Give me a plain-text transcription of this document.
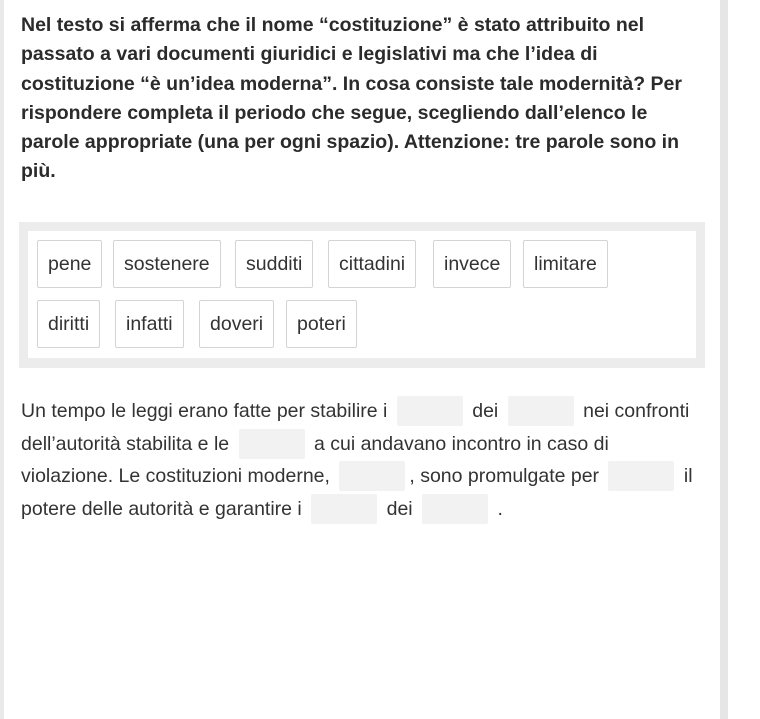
Nel testo si afferma che il nome “costituzione” è stato attribuito nel passato a vari documenti giuridici e legislativi ma che l’idea di costituzione “è un’idea moderna”. In cosa consiste tale modernità? Per rispondere completa il periodo che segue, scegliendo dall’elenco le parole appropriate (una per ogni spazio). Attenzione: tre parole sono in più.

pene	sostenere	sudditi	cittadini	invece	limitare
diritti	infatti	doveri	poteri

Un tempo le leggi erano fatte per stabilire i	dei	nei confronti dell’autorità stabilita e le	a cui andavano incontro in caso di violazione. Le costituzioni moderne,	, sono promulgate per	il potere delle autorità e garantire i	dei	.
